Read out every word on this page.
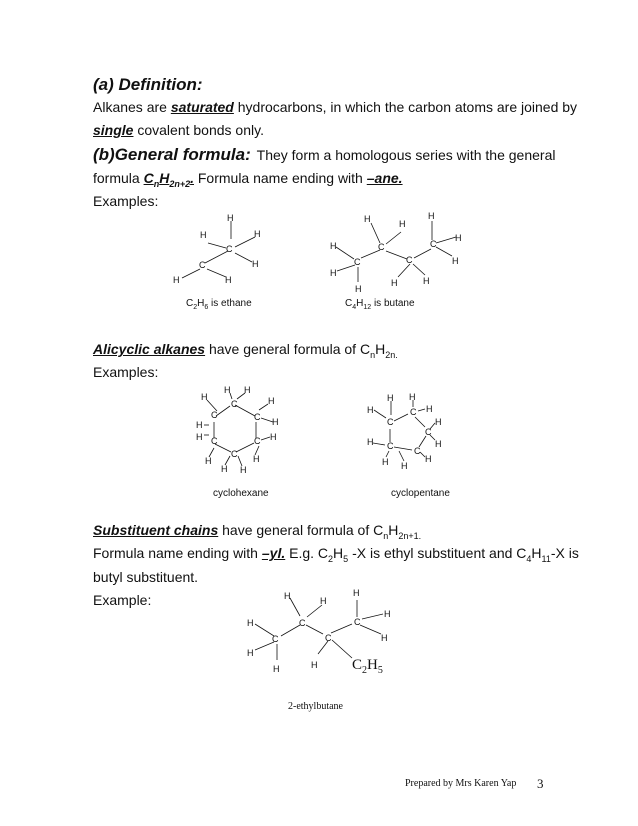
(a) Definition:
Alkanes are saturated hydrocarbons, in which the carbon atoms are joined by
single covalent bonds only.
(b)General formula: They form a homologous series with the general
formula $C_nH_{2n+2}$. Formula name ending with –ane.
Examples:
H
H	H
C
H
C
H	H
H	H
H
C	C
H
H
C	C	H
H
H
H	H
$C_2H_6$ is ethane	$C_4H_{12}$ is butane
Alicyclic alkanes have general formula of $C_nH_{2n.}$
Examples:
H H
H
C	H
C	C H
H
H C	C H
C
H	H
H H
H H
H	C H
C	H
C
H
H C C
H
H H
cyclohexane	cyclopentane
Substituent chains have general formula of $C_nH_{2n+1.}$
Formula name ending with –yl. E.g. $C_2H_5$ -X is ethyl substituent and $C_4H_{11}-X$ is
butyl substituent.
Example:	H	H
H
C	C
H
H
C	C	H
H
H	H $C_2H_5$
2-ethylbutane
Prepared by Mrs Karen Yap 3
